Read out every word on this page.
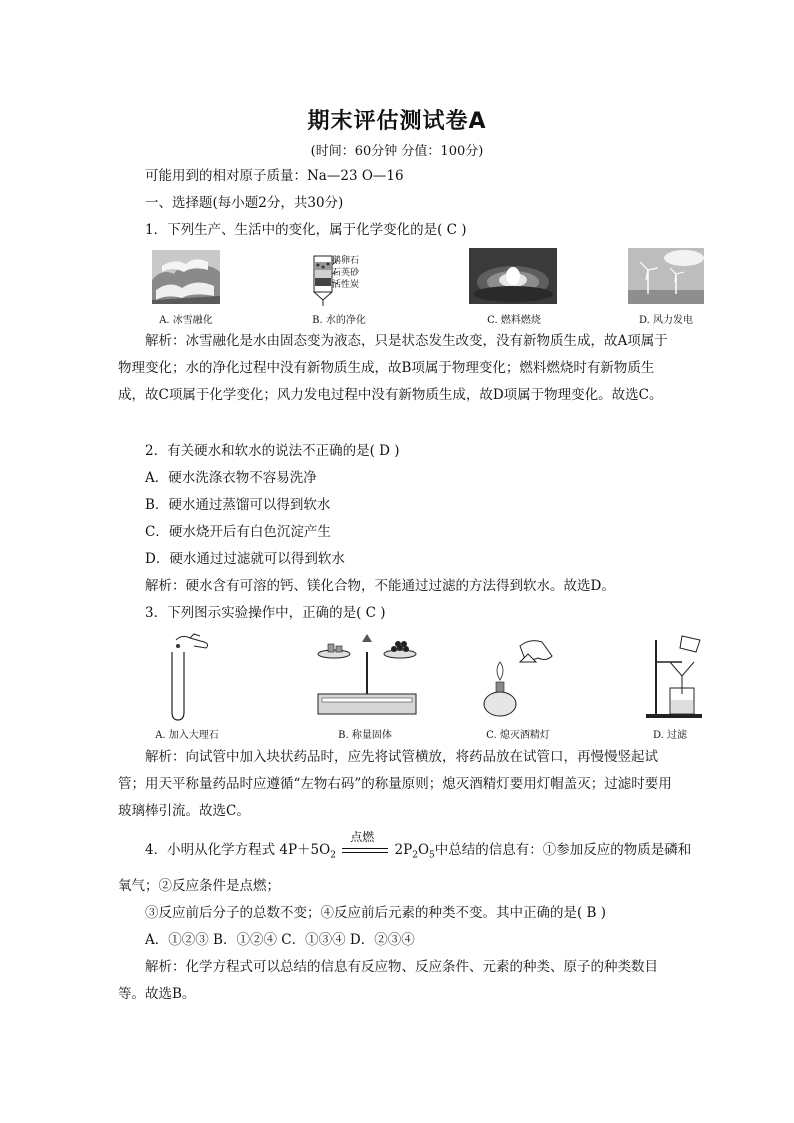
期末评估测试卷A
(时间：60分钟 分值：100分)
可能用到的相对原子质量：Na—23 O—16
一、选择题(每小题2分，共30分)
1．下列生产、生活中的变化，属于化学变化的是( C )
鹅卵石
石英砂
活性炭
A. 冰雪融化	B. 水的净化	C. 燃料燃烧	D. 风力发电
解析：冰雪融化是水由固态变为液态，只是状态发生改变，没有新物质生成，故A项属于物理变化；水的净化过程中没有新物质生成，故B项属于物理变化；燃料燃烧时有新物质生成，故C项属于化学变化；风力发电过程中没有新物质生成，故D项属于物理变化。故选C。
2．有关硬水和软水的说法不正确的是( D )
A．硬水洗涤衣物不容易洗净
B．硬水通过蒸馏可以得到软水
C．硬水烧开后有白色沉淀产生
D．硬水通过过滤就可以得到软水
解析：硬水含有可溶的钙、镁化合物，不能通过过滤的方法得到软水。故选D。
3．下列图示实验操作中，正确的是( C )
A. 加入大理石	B. 称量固体	C. 熄灭酒精灯	D. 过滤
解析：向试管中加入块状药品时，应先将试管横放，将药品放在试管口，再慢慢竖起试管；用天平称量药品时应遵循“左物右码”的称量原则；熄灭酒精灯要用灯帽盖灭；过滤时要用玻璃棒引流。故选C。
4．小明从化学方程式 $4P+5O_2$
点燃
$2P_2O_5$中总结的信息有：①参加反应的物质是磷和
氧气；②反应条件是点燃；
③反应前后分子的总数不变；④反应前后元素的种类不变。其中正确的是( B )
A．①②③ B．①②④ C．①③④ D．②③④
解析：化学方程式可以总结的信息有反应物、反应条件、元素的种类、原子的种类数目等。故选B。
